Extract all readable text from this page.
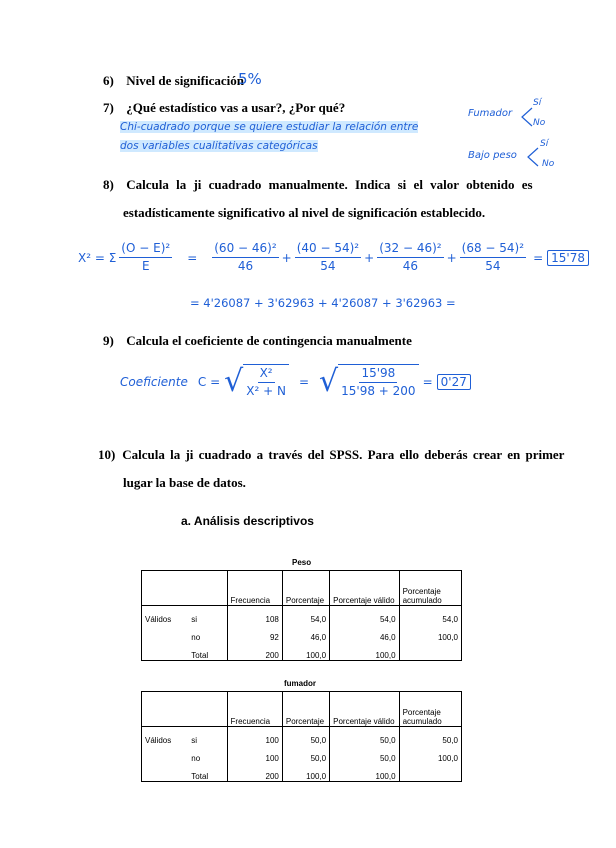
6) Nivel de significación
5%
7) ¿Qué estadístico vas a usar?, ¿Por qué?
Chi-cuadrado porque se quiere estudiar la relación entre
dos variables cualitativas categóricas
Fumador
Sí
No
Bajo peso
Sí
No
8) Calcula la ji cuadrado manualmente. Indica si el valor obtenido es
estadísticamente significativo al nivel de significación establecido.
X² = Σ $\frac{\text{(O − E)²}}{E} = \frac{\text{(60 − 46)²}}{46} + \frac{\text{(40 − 54)²}}{54} + \frac{\text{(32 − 46)²}}{46} + \frac{\text{(68 − 54)²}}{54} = 15'78$
= 4'26087 + 3'62963 + 4'26087 + 3'62963 =
9) Calcula el coeficiente de contingencia manualmente
Coeficiente C = √ $\frac{\text{X²}}{\text{X² + N}}$ = √ $\frac{15'98}{15'98 + 200} = 0'27$
10) Calcula la ji cuadrado a través del SPSS. Para ello deberás crear en primer
lugar la base de datos.
a. Análisis descriptivos
Peso
		Frecuencia	Porcentaje	Porcentaje válido	Porcentaje acumulado
Válidos	si	108	54,0	54,0	54,0
	no	92	46,0	46,0	100,0
	Total	200	100,0	100,0	
fumador
		Frecuencia	Porcentaje	Porcentaje válido	Porcentaje acumulado
Válidos	si	100	50,0	50,0	50,0
	no	100	50,0	50,0	100,0
	Total	200	100,0	100,0	
